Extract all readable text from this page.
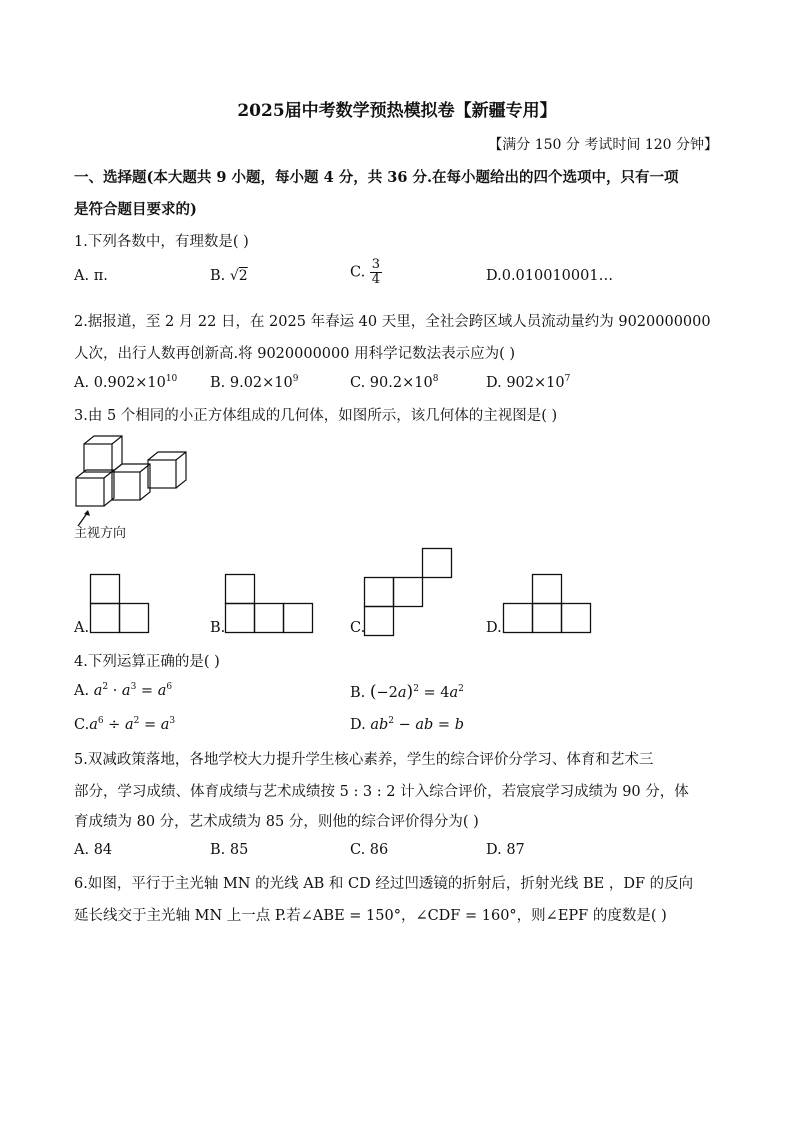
2025届中考数学预热模拟卷【新疆专用】
【满分 150 分 考试时间 120 分钟】
一、选择题(本大题共 9 小题，每小题 4 分，共 36 分.在每小题给出的四个选项中，只有一项
是符合题目要求的)
1.下列各数中，有理数是( )
A. π.	B. √2	C. $\frac{3}{4}$	D.0.010010001…
2.据报道，至 2 月 22 日，在 2025 年春运 40 天里，全社会跨区域人员流动量约为 9020000000
人次，出行人数再创新高.将 9020000000 用科学记数法表示应为( )
A. $0.902\times 10^{10}$ B. $9.02\times 10^9$	C. $90.2\times 10^8$	D. $902\times 10^7$
3.由 5 个相同的小正方体组成的几何体，如图所示，该几何体的主视图是( )
主视方向
A.	B.	C.	D.
4.下列运算正确的是( )
A. $a^2 \cdot a^3 = a^6$	B. $(-2a)^2 = 4a^2$
$C.a^6 \div a^2 = a^3$	D. $ab^2$ − ab = b
5.双减政策落地，各地学校大力提升学生核心素养，学生的综合评价分学习、体育和艺术三
部分，学习成绩、体育成绩与艺术成绩按 5 : 3 : 2 计入综合评价，若宸宸学习成绩为 90 分，体
育成绩为 80 分，艺术成绩为 85 分，则他的综合评价得分为( )
A. 84	B. 85	C. 86	D. 87
6.如图，平行于主光轴 MN 的光线 AB 和 CD 经过凹透镜的折射后，折射光线 BE ，DF 的反向
延长线交于主光轴 MN 上一点 P.若∠ABE = 150°，∠CDF = 160°，则∠EPF 的度数是( )
